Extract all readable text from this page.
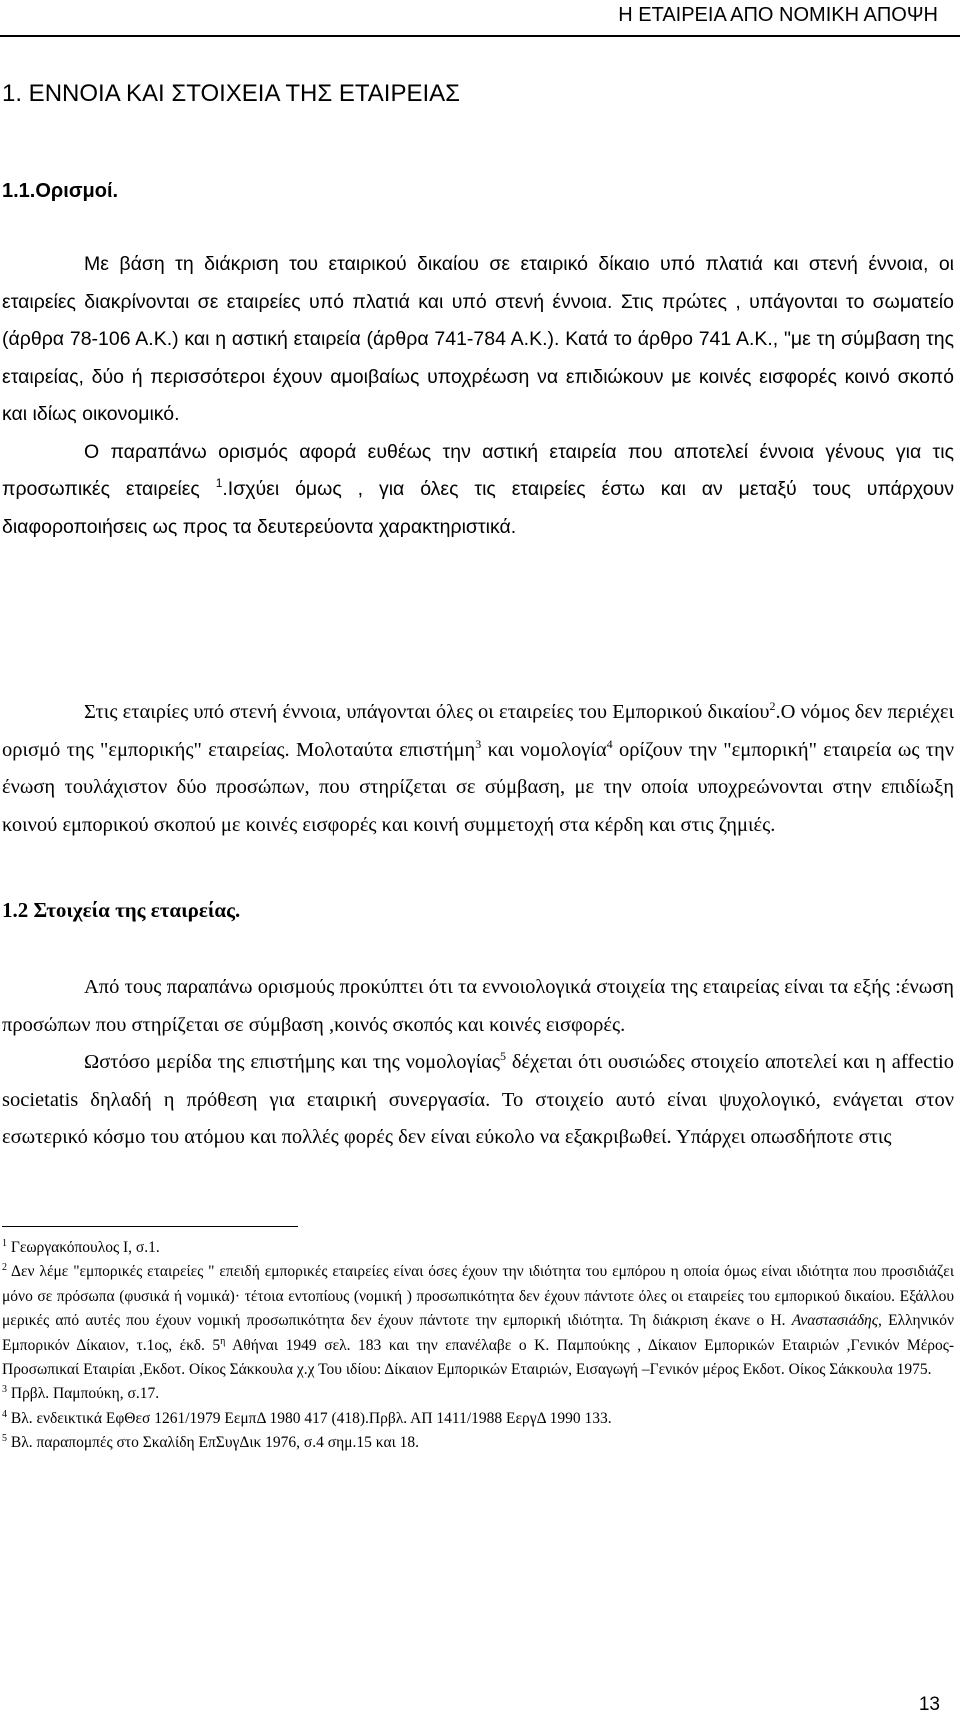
Η ΕΤΑΙΡΕΙΑ ΑΠΟ ΝΟΜΙΚΗ ΑΠΟΨΗ
1. ΕΝΝΟΙΑ ΚΑΙ ΣΤΟΙΧΕΙΑ ΤΗΣ ΕΤΑΙΡΕΙΑΣ
1.1.Ορισμοί.

Με βάση τη διάκριση του εταιρικού δικαίου σε εταιρικό δίκαιο υπό πλατιά και στενή έννοια, οι εταιρείες διακρίνονται σε εταιρείες υπό πλατιά και υπό στενή έννοια. Στις πρώτες , υπάγονται το σωματείο (άρθρα 78-106 Α.Κ.) και η αστική εταιρεία (άρθρα 741-784 Α.Κ.). Κατά το άρθρο 741 Α.Κ., "με τη σύμβαση της εταιρείας, δύο ή περισσότεροι έχουν αμοιβαίως υποχρέωση να επιδιώκουν με κοινές εισφορές κοινό σκοπό και ιδίως οικονομικό.

Ο παραπάνω ορισμός αφορά ευθέως την αστική εταιρεία που αποτελεί έννοια γένους για τις προσωπικές εταιρείες $^1$.Ισχύει όμως , για όλες τις εταιρείες έστω και αν μεταξύ τους υπάρχουν διαφοροποιήσεις ως προς τα δευτερεύοντα χαρακτηριστικά.

Στις εταιρίες υπό στενή έννοια, υπάγονται όλες οι εταιρείες του Εμπορικού δικαίου$^2$.Ο νόμος δεν περιέχει ορισμό της "εμπορικής" εταιρείας. Μολοταύτα επιστήμη$^3$ και νομολογία$^4$ ορίζουν την "εμπορική" εταιρεία ως την ένωση τουλάχιστον δύο προσώπων, που στηρίζεται σε σύμβαση, με την οποία υποχρεώνονται στην επιδίωξη κοινού εμπορικού σκοπού με κοινές εισφορές και κοινή συμμετοχή στα κέρδη και στις ζημιές.

1.2 Στοιχεία της εταιρείας.

Από τους παραπάνω ορισμούς προκύπτει ότι τα εννοιολογικά στοιχεία της εταιρείας είναι τα εξής :ένωση προσώπων που στηρίζεται σε σύμβαση ,κοινός σκοπός και κοινές εισφορές.

Ωστόσο μερίδα της επιστήμης και της νομολογίας$^5$ δέχεται ότι ουσιώδες στοιχείο αποτελεί και η affectio societatis δηλαδή η πρόθεση για εταιρική συνεργασία. Το στοιχείο αυτό είναι ψυχολογικό, ενάγεται στον εσωτερικό κόσμο του ατόμου και πολλές φορές δεν είναι εύκολο να εξακριβωθεί. Υπάρχει οπωσδήποτε στις

$^1$ Γεωργακόπουλος Ι, σ.1.

$^2$ Δεν λέμε "εμπορικές εταιρείες " επειδή εμπορικές εταιρείες είναι όσες έχουν την ιδιότητα του εμπόρου η οποία όμως είναι ιδιότητα που προσιδιάζει μόνο σε πρόσωπα (φυσικά ή νομικά)· τέτοια εντοπίους (νομική ) προσωπικότητα δεν έχουν πάντοτε όλες οι εταιρείες του εμπορικού δικαίου. Εξάλλου μερικές από αυτές που έχουν νομική προσωπικότητα δεν έχουν πάντοτε την εμπορική ιδιότητα. Τη διάκριση έκανε ο Η. Αναστασιάδης, Ελληνικόν Εμπορικόν Δίκαιον, τ.1ος, έκδ. $5^\eta$ Αθήναι 1949 σελ. 183 και την επανέλαβε ο Κ. Παμπούκης , Δίκαιον Εμπορικών Εταιριών ,Γενικόν Μέρος-Προσωπικαί Εταιρίαι ,Εκδοτ. Οίκος Σάκκουλα χ.χ Του ιδίου: Δίκαιον Εμπορικών Εταιριών, Εισαγωγή –Γενικόν μέρος Εκδοτ. Οίκος Σάκκουλα 1975.

$^3$ Πρβλ. Παμπούκη, σ.17.

$^4$ Βλ. ενδεικτικά ΕφΘεσ 1261/1979 ΕεμπΔ 1980 417 (418).Πρβλ. ΑΠ 1411/1988 ΕεργΔ 1990 133.

$^5$ Βλ. παραπομπές στο Σκαλίδη ΕπΣυγΔικ 1976, σ.4 σημ.15 και 18.

13
